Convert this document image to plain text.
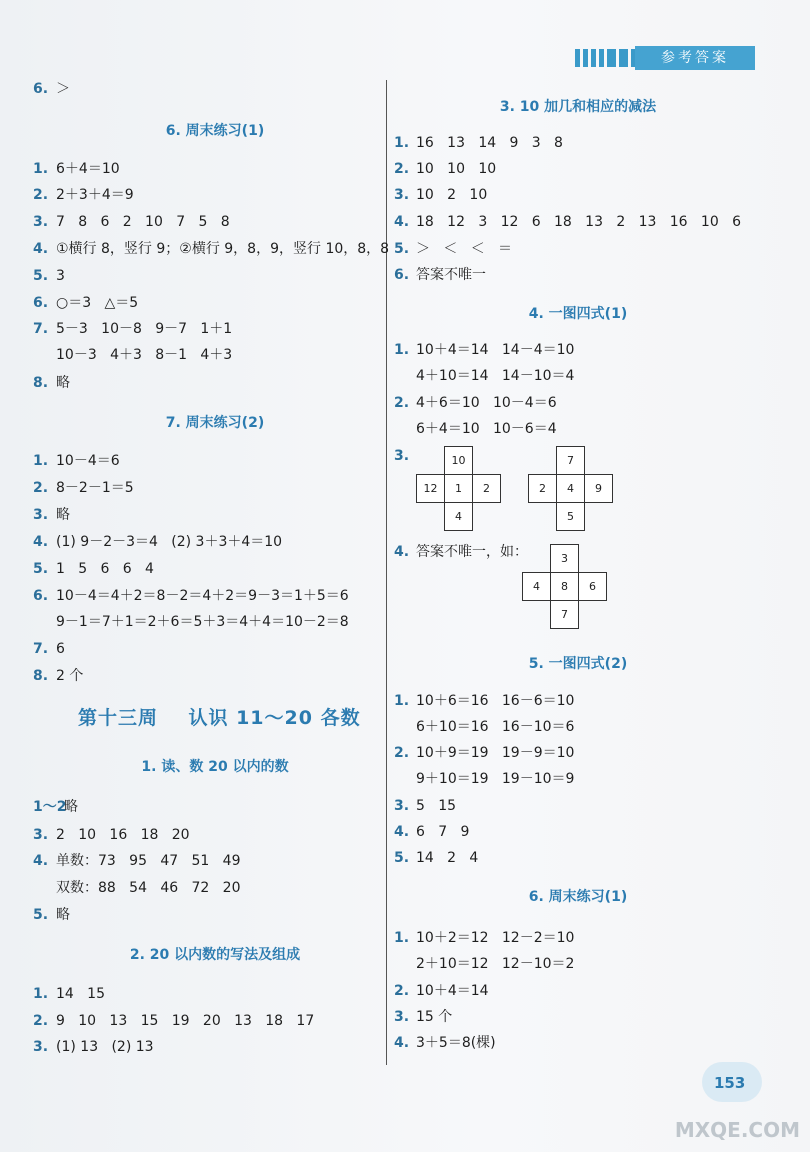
参考答案
6. ＞
6. 周末练习(1)
1. 6＋4＝10
2. 2＋3＋4＝9
3. 7   8   6   2   10   7   5   8
4. ①横行 8，竖行 9；②横行 9，8，9，竖行 10，8，8
5. 3
6. ○＝3   △＝5
7. 5－3   10－8   9－7   1＋1
10－3   4＋3   8－1   4＋3
8. 略
7. 周末练习(2)
1. 10－4＝6
2. 8－2－1＝5
3. 略
4. (1) 9－2－3＝4   (2) 3＋3＋4＝10
5. 1   5   6   6   4
6. 10－4＝4＋2＝8－2＝4＋2＝9－3＝1＋5＝6
9－1＝7＋1＝2＋6＝5＋3＝4＋4＝10－2＝8
7. 6
8. 2 个
第十三周    认识 11～20 各数
1. 读、数 20 以内的数
1～2
略
3. 2   10   16   18   20
4. 单数：73   95   47   51   49
双数：88   54   46   72   20
5. 略
2. 20 以内数的写法及组成
1. 14   15
2. 9   10   13   15   19   20   13   18   17
3. (1) 13   (2) 13
3. 10 加几和相应的减法
1. 16   13   14   9   3   8
2. 10   10   10
3. 10   2   10
4. 18   12   3   12   6   18   13   2   13   16   10   6
5. ＞   ＜   ＜   ＝
6. 答案不唯一
4. 一图四式(1)
1. 10＋4＝14   14－4＝10
4＋10＝14   14－10＝4
2. 4＋6＝10   10－4＝6
6＋4＝10   10－6＝4
3.
4. 答案不唯一，如：
5. 一图四式(2)
1. 10＋6＝16   16－6＝10
6＋10＝16   16－10＝6
2. 10＋9＝19   19－9＝10
9＋10＝19   19－10＝9
3. 5   15
4. 6   7   9
5. 14   2   4
6. 周末练习(1)
1. 10＋2＝12   12－2＝10
2＋10＝12   12－10＝2
2. 10＋4＝14
3. 15 个
4. 3＋5＝8(棵)
10
12	1	2
4
7
2	4	9
5
3
4	8	6
7
153
MXQE.COM
